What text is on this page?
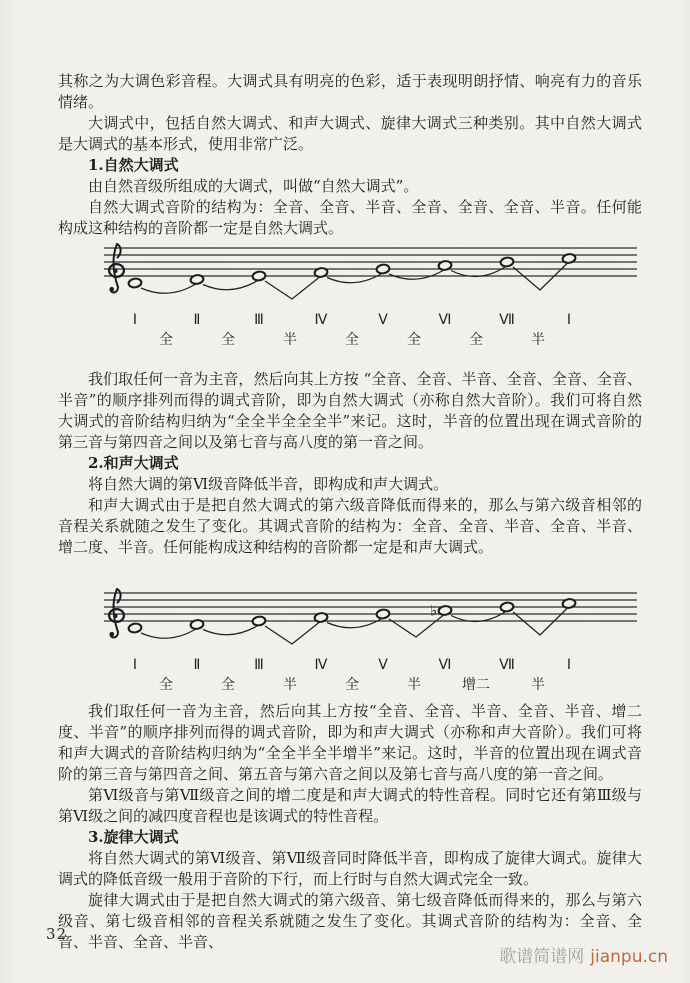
其称之为大调色彩音程。大调式具有明亮的色彩，适于表现明朗抒情、响亮有力的音乐情绪。

大调式中，包括自然大调式、和声大调式、旋律大调式三种类别。其中自然大调式是大调式的基本形式，使用非常广泛。

1.自然大调式

由自然音级所组成的大调式，叫做“自然大调式”。

自然大调式音阶的结构为：全音、全音、半音、全音、全音、全音、半音。任何能构成这种结构的音阶都一定是自然大调式。

Ⅰ	Ⅱ	Ⅲ	Ⅳ	Ⅴ	Ⅵ	Ⅶ	Ⅰ
全	全	半	全	全	全	半

我们取任何一音为主音，然后向其上方按 “全音、全音、半音、全音、全音、全音、半音”的顺序排列而得的调式音阶，即为自然大调式（亦称自然大音阶）。我们可将自然大调式的音阶结构归纳为“全全半全全全半”来记。这时，半音的位置出现在调式音阶的第三音与第四音之间以及第七音与高八度的第一音之间。

2.和声大调式

将自然大调的第Ⅵ级音降低半音，即构成和声大调式。

和声大调式由于是把自然大调式的第六级音降低而得来的，那么与第六级音相邻的音程关系就随之发生了变化。其调式音阶的结构为：全音、全音、半音、全音、半音、增二度、半音。任何能构成这种结构的音阶都一定是和声大调式。

♭
Ⅰ	Ⅱ	Ⅲ	Ⅳ	Ⅴ	Ⅵ	Ⅶ	Ⅰ
全	全	半	全	半	增二	半

我们取任何一音为主音，然后向其上方按“全音、全音、半音、全音、半音、增二度、半音”的顺序排列而得的调式音阶，即为和声大调式（亦称和声大音阶）。我们可将和声大调式的音阶结构归纳为“全全半全半增半”来记。这时，半音的位置出现在调式音阶的第三音与第四音之间、第五音与第六音之间以及第七音与高八度的第一音之间。

第Ⅵ级音与第Ⅶ级音之间的增二度是和声大调式的特性音程。同时它还有第Ⅲ级与第Ⅵ级之间的减四度音程也是该调式的特性音程。

3.旋律大调式

将自然大调式的第Ⅵ级音、第Ⅶ级音同时降低半音，即构成了旋律大调式。旋律大调式的降低音级一般用于音阶的下行，而上行时与自然大调式完全一致。

旋律大调式由于是把自然大调式的第六级音、第七级音降低而得来的，那么与第六级音、第七级音相邻的音程关系就随之发生了变化。其调式音阶的结构为：全音、全音、半音、全音、半音、

32
歌谱简谱网 jianpu.cn
